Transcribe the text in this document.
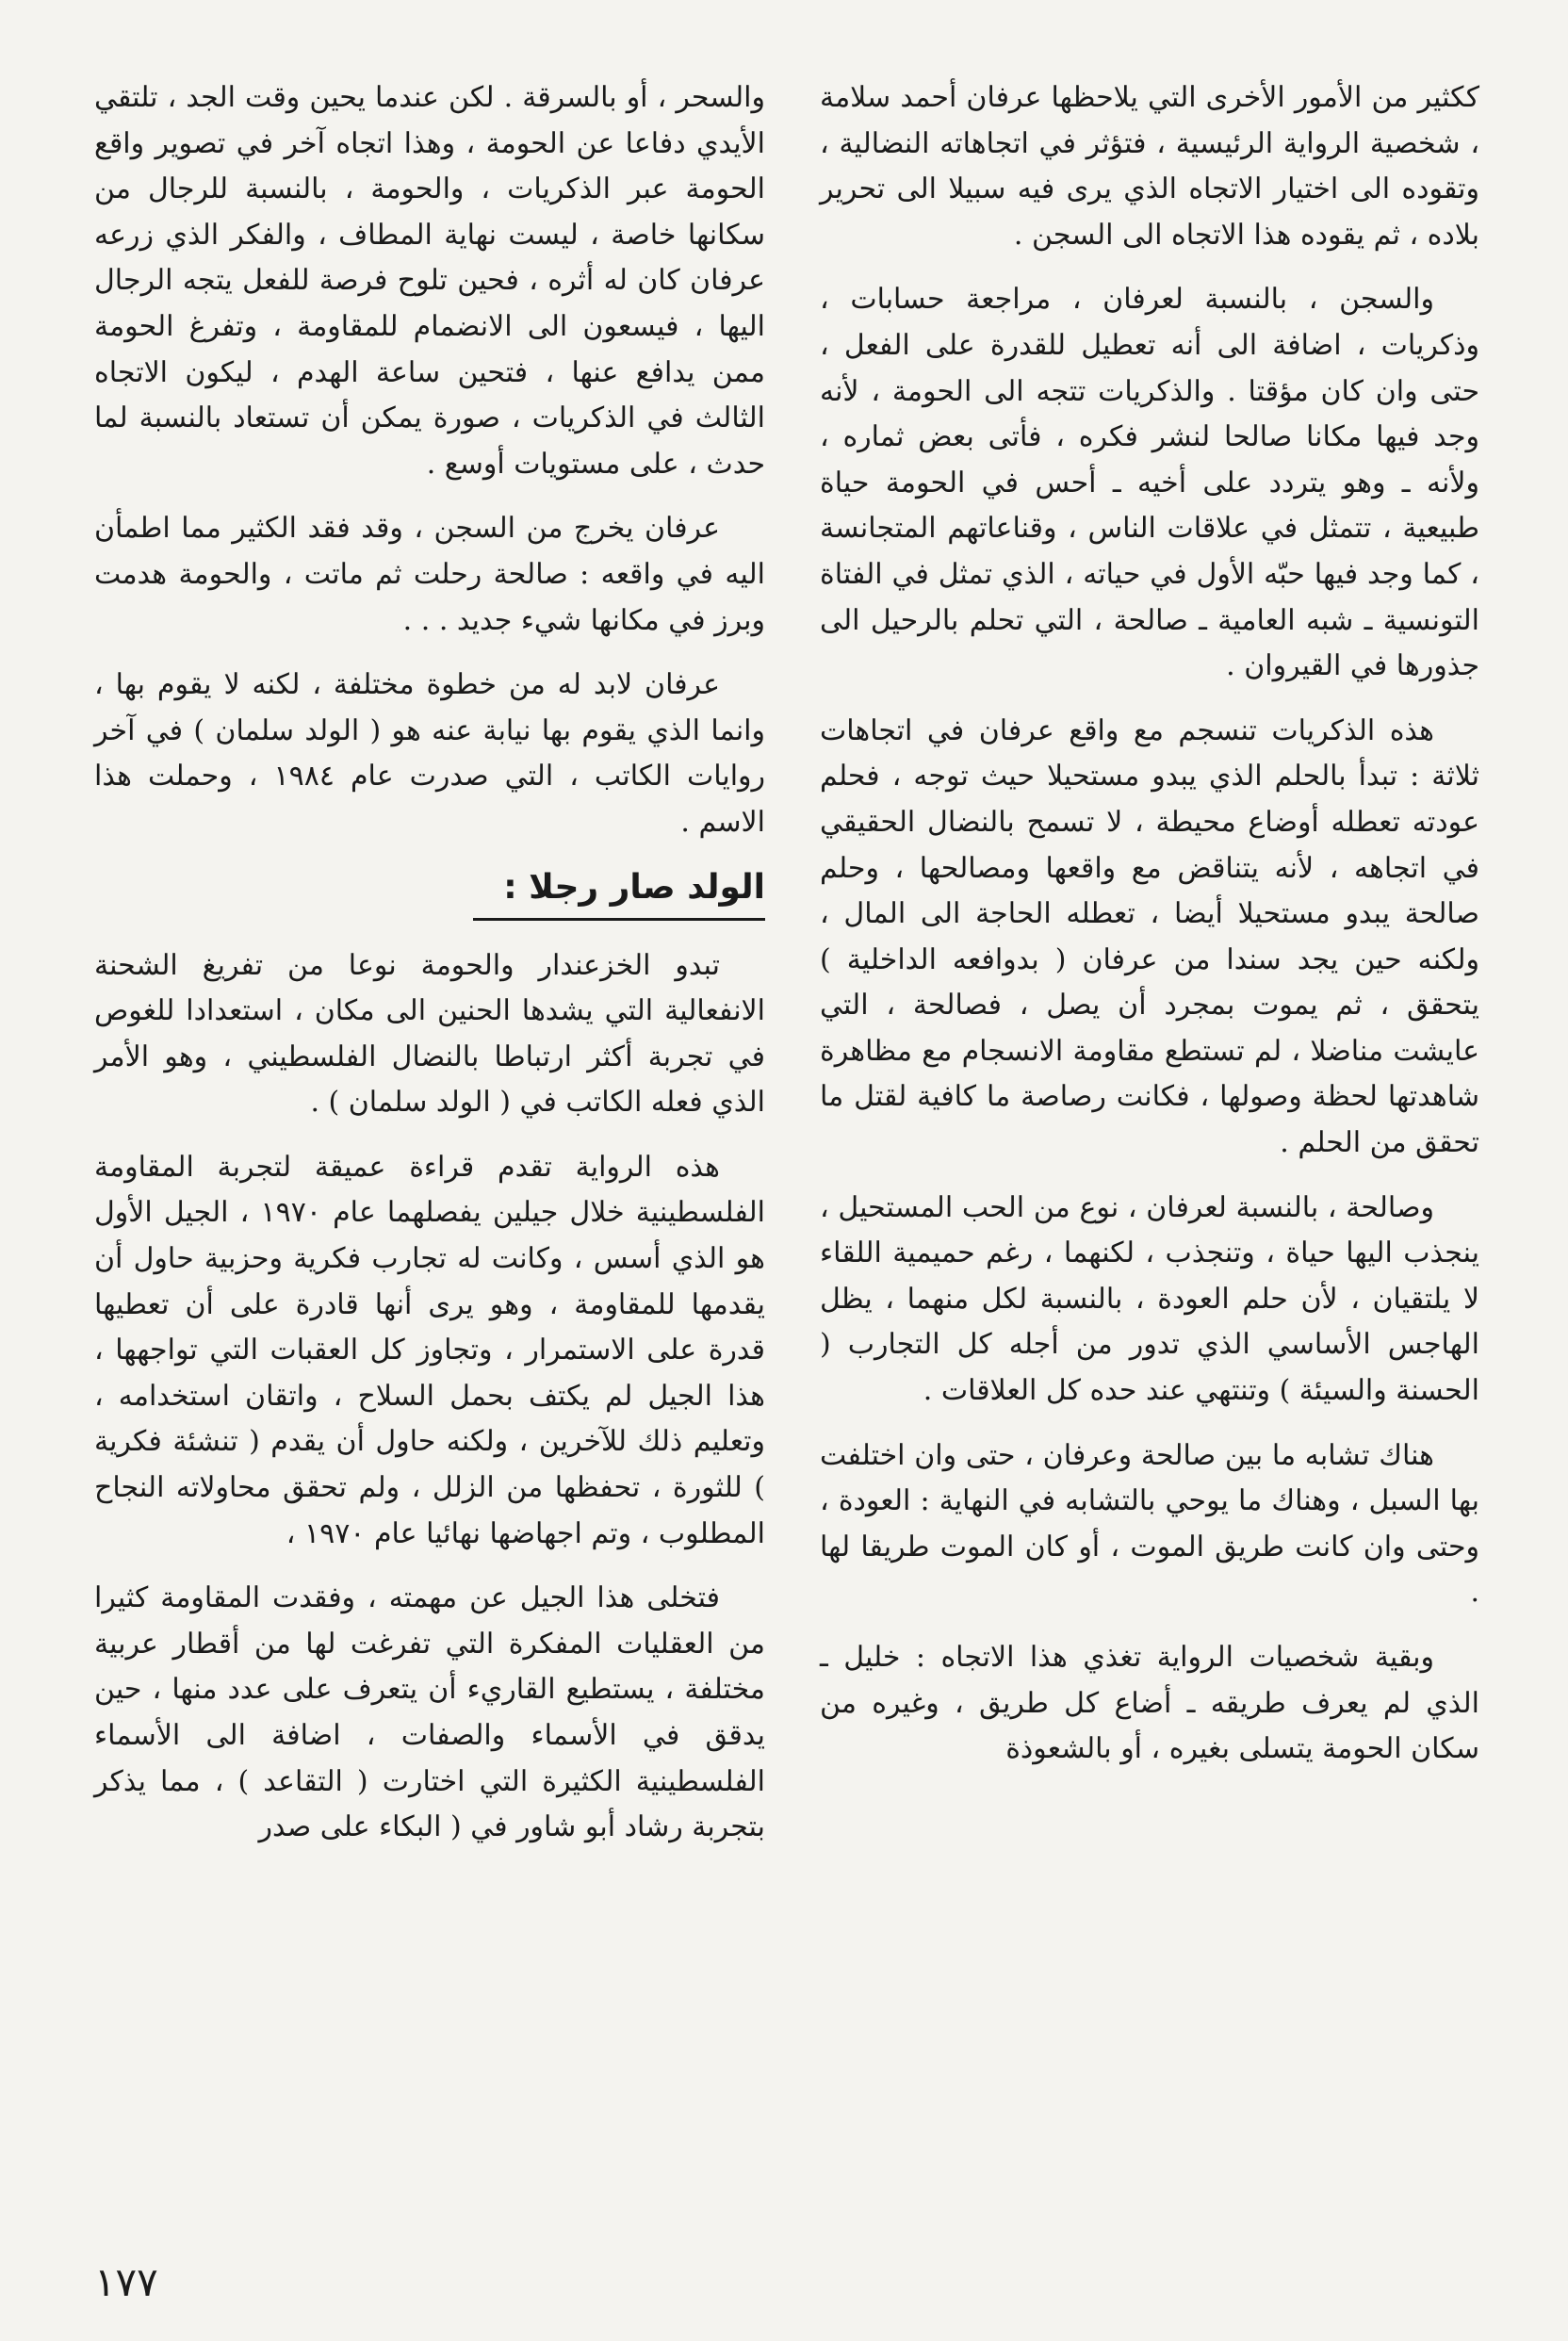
ككثير من الأمور الأخرى التي يلاحظها عرفان أحمد سلامة ، شخصية الرواية الرئيسية ، فتؤثر في اتجاهاته النضالية ، وتقوده الى اختيار الاتجاه الذي يرى فيه سبيلا الى تحرير بلاده ، ثم يقوده هذا الاتجاه الى السجن .

والسجن ، بالنسبة لعرفان ، مراجعة حسابات ، وذكريات ، اضافة الى أنه تعطيل للقدرة على الفعل ، حتى وان كان مؤقتا . والذكريات تتجه الى الحومة ، لأنه وجد فيها مكانا صالحا لنشر فكره ، فأتى بعض ثماره ، ولأنه ـ وهو يتردد على أخيه ـ أحس في الحومة حياة طبيعية ، تتمثل في علاقات الناس ، وقناعاتهم المتجانسة ، كما وجد فيها حبّه الأول في حياته ، الذي تمثل في الفتاة التونسية ـ شبه العامية ـ صالحة ، التي تحلم بالرحيل الى جذورها في القيروان .

هذه الذكريات تنسجم مع واقع عرفان في اتجاهات ثلاثة : تبدأ بالحلم الذي يبدو مستحيلا حيث توجه ، فحلم عودته تعطله أوضاع محيطة ، لا تسمح بالنضال الحقيقي في اتجاهه ، لأنه يتناقض مع واقعها ومصالحها ، وحلم صالحة يبدو مستحيلا أيضا ، تعطله الحاجة الى المال ، ولكنه حين يجد سندا من عرفان ( بدوافعه الداخلية ) يتحقق ، ثم يموت بمجرد أن يصل ، فصالحة ، التي عايشت مناضلا ، لم تستطع مقاومة الانسجام مع مظاهرة شاهدتها لحظة وصولها ، فكانت رصاصة ما كافية لقتل ما تحقق من الحلم .

وصالحة ، بالنسبة لعرفان ، نوع من الحب المستحيل ، ينجذب اليها حياة ، وتنجذب ، لكنهما ، رغم حميمية اللقاء لا يلتقيان ، لأن حلم العودة ، بالنسبة لكل منهما ، يظل الهاجس الأساسي الذي تدور من أجله كل التجارب ( الحسنة والسيئة ) وتنتهي عند حده كل العلاقات .

هناك تشابه ما بين صالحة وعرفان ، حتى وان اختلفت بها السبل ، وهناك ما يوحي بالتشابه في النهاية : العودة ، وحتى وان كانت طريق الموت ، أو كان الموت طريقا لها .

وبقية شخصيات الرواية تغذي هذا الاتجاه : خليل ـ الذي لم يعرف طريقه ـ أضاع كل طريق ، وغيره من سكان الحومة يتسلى بغيره ، أو بالشعوذة

والسحر ، أو بالسرقة . لكن عندما يحين وقت الجد ، تلتقي الأيدي دفاعا عن الحومة ، وهذا اتجاه آخر في تصوير واقع الحومة عبر الذكريات ، والحومة ، بالنسبة للرجال من سكانها خاصة ، ليست نهاية المطاف ، والفكر الذي زرعه عرفان كان له أثره ، فحين تلوح فرصة للفعل يتجه الرجال اليها ، فيسعون الى الانضمام للمقاومة ، وتفرغ الحومة ممن يدافع عنها ، فتحين ساعة الهدم ، ليكون الاتجاه الثالث في الذكريات ، صورة يمكن أن تستعاد بالنسبة لما حدث ، على مستويات أوسع .

عرفان يخرج من السجن ، وقد فقد الكثير مما اطمأن اليه في واقعه : صالحة رحلت ثم ماتت ، والحومة هدمت وبرز في مكانها شيء جديد . . .

عرفان لابد له من خطوة مختلفة ، لكنه لا يقوم بها ، وانما الذي يقوم بها نيابة عنه هو ( الولد سلمان ) في آخر روايات الكاتب ، التي صدرت عام ١٩٨٤ ، وحملت هذا الاسم .

الولد صار رجلا :

تبدو الخزعندار والحومة نوعا من تفريغ الشحنة الانفعالية التي يشدها الحنين الى مكان ، استعدادا للغوص في تجربة أكثر ارتباطا بالنضال الفلسطيني ، وهو الأمر الذي فعله الكاتب في ( الولد سلمان ) .

هذه الرواية تقدم قراءة عميقة لتجربة المقاومة الفلسطينية خلال جيلين يفصلهما عام ١٩٧٠ ، الجيل الأول هو الذي أسس ، وكانت له تجارب فكرية وحزبية حاول أن يقدمها للمقاومة ، وهو يرى أنها قادرة على أن تعطيها قدرة على الاستمرار ، وتجاوز كل العقبات التي تواجهها ، هذا الجيل لم يكتف بحمل السلاح ، واتقان استخدامه ، وتعليم ذلك للآخرين ، ولكنه حاول أن يقدم ( تنشئة فكرية ) للثورة ، تحفظها من الزلل ، ولم تحقق محاولاته النجاح المطلوب ، وتم اجهاضها نهائيا عام ١٩٧٠ ،

فتخلى هذا الجيل عن مهمته ، وفقدت المقاومة كثيرا من العقليات المفكرة التي تفرغت لها من أقطار عربية مختلفة ، يستطيع القاريء أن يتعرف على عدد منها ، حين يدقق في الأسماء والصفات ، اضافة الى الأسماء الفلسطينية الكثيرة التي اختارت ( التقاعد ) ، مما يذكر بتجربة رشاد أبو شاور في ( البكاء على صدر

١٧٧
